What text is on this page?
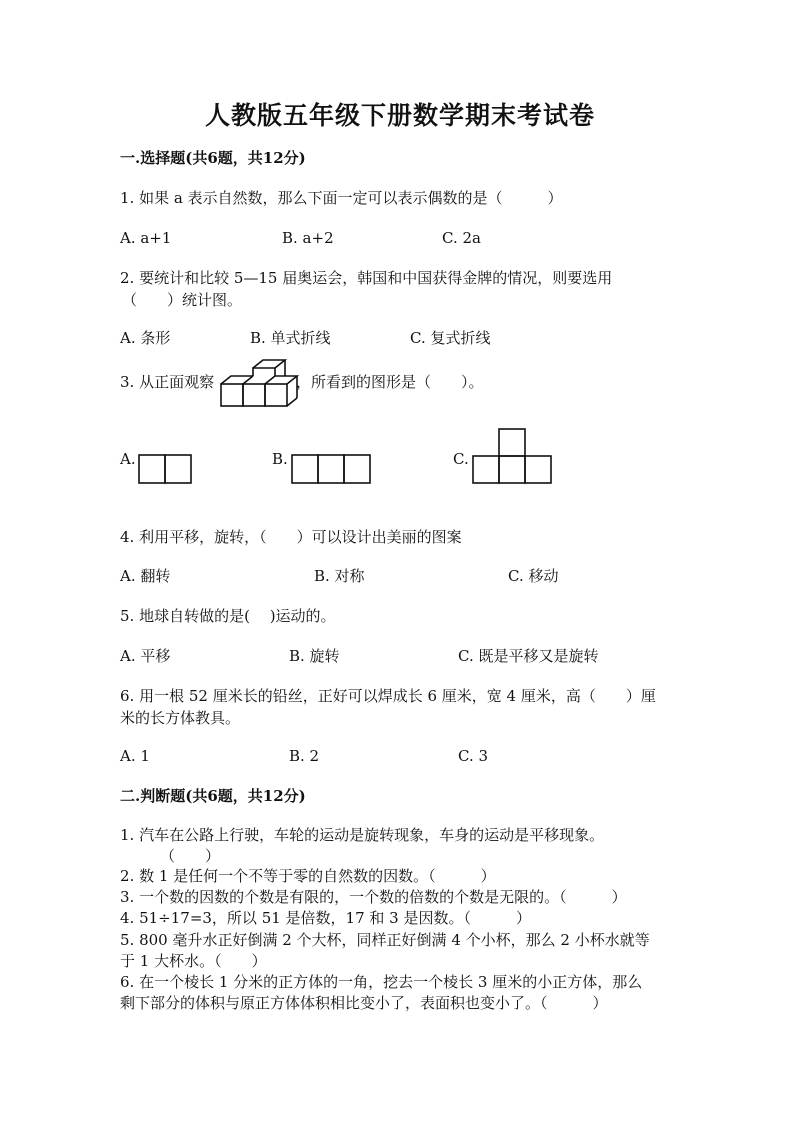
人教版五年级下册数学期末考试卷
一.选择题(共6题，共12分)
1. 如果 a 表示自然数，那么下面一定可以表示偶数的是（　　　）
A. a+1	B. a+2	C. 2a
2. 要统计和比较 5—15 届奥运会，韩国和中国获得金牌的情况，则要选用
（　　）统计图。
A. 条形	B. 单式折线	C. 复式折线
3. 从正面观察	，所看到的图形是（　　）。
A.	B.	C.
4. 利用平移，旋转，（　　）可以设计出美丽的图案
A. 翻转	B. 对称	C. 移动
5. 地球自转做的是(　 )运动的。
A. 平移	B. 旋转	C. 既是平移又是旋转
6. 用一根 52 厘米长的铅丝，正好可以焊成长 6 厘米，宽 4 厘米，高（　　）厘
米的长方体教具。
A. 1	B. 2	C. 3
二.判断题(共6题，共12分)
1. 汽车在公路上行驶，车轮的运动是旋转现象，车身的运动是平移现象。
（　　）
2. 数 1 是任何一个不等于零的自然数的因数。（　　　）
3. 一个数的因数的个数是有限的，一个数的倍数的个数是无限的。（　　　）
4. 51÷17=3，所以 51 是倍数，17 和 3 是因数。（　　　）
5. 800 毫升水正好倒满 2 个大杯，同样正好倒满 4 个小杯，那么 2 小杯水就等
于 1 大杯水。（　　）
6. 在一个棱长 1 分米的正方体的一角，挖去一个棱长 3 厘米的小正方体，那么
剩下部分的体积与原正方体体积相比变小了，表面积也变小了。（　　　）
